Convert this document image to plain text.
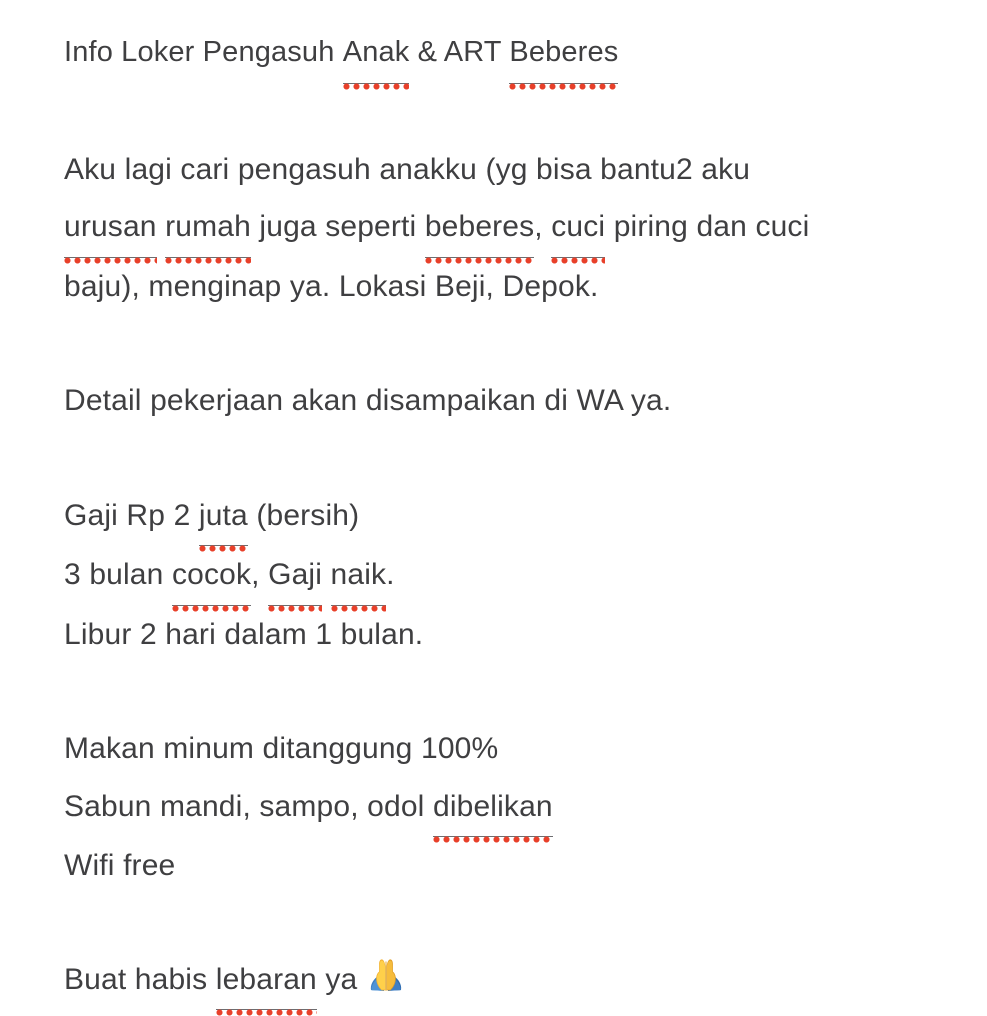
Info Loker Pengasuh Anak & ART Beberes

Aku lagi cari pengasuh anakku (yg bisa bantu2 aku
urusan rumah juga seperti beberes, cuci piring dan cuci
baju), menginap ya. Lokasi Beji, Depok.

Detail pekerjaan akan disampaikan di WA ya.

Gaji Rp 2 juta (bersih)
3 bulan cocok, Gaji naik.
Libur 2 hari dalam 1 bulan.

Makan minum ditanggung 100%
Sabun mandi, sampo, odol dibelikan
Wifi free

Buat habis lebaran ya
